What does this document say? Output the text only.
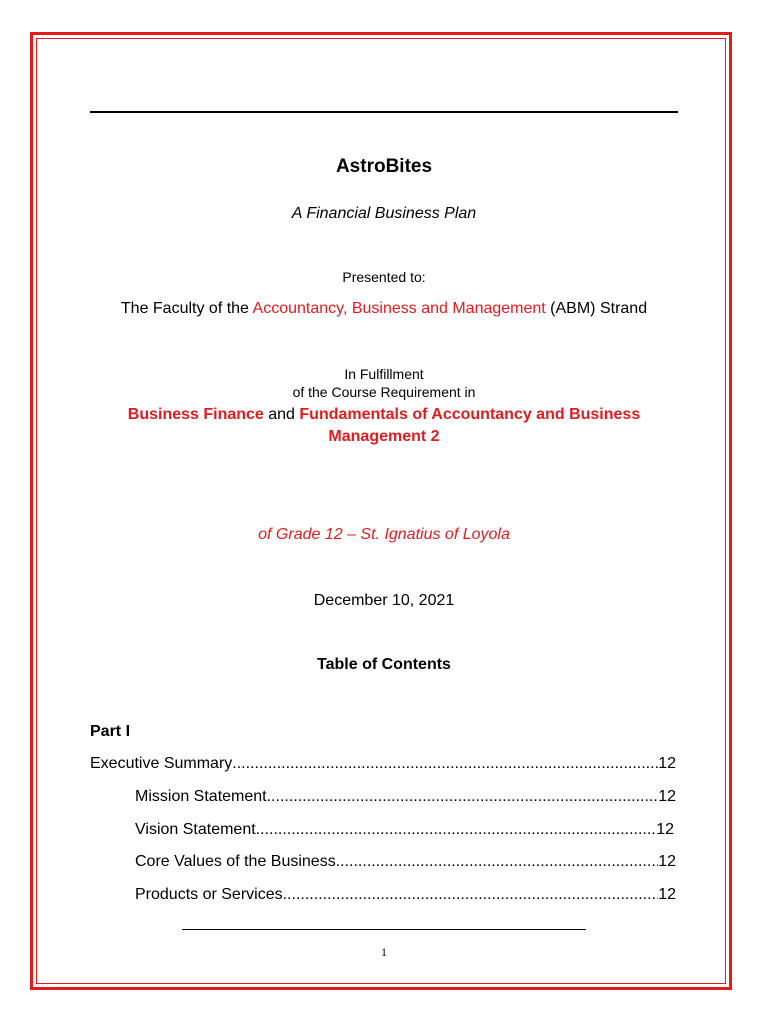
AstroBites
A Financial Business Plan
Presented to:
The Faculty of the Accountancy, Business and Management (ABM) Strand
In Fulfillment
of the Course Requirement in
Business Finance and Fundamentals of Accountancy and Business Management 2
of Grade 12 – St. Ignatius of Loyola
December 10, 2021
Table of Contents
Part I
Executive Summary .....	12
Mission Statement .....	12
Vision Statement .....	12
Core Values of the Business .....	12
Products or Services .....	12
1
